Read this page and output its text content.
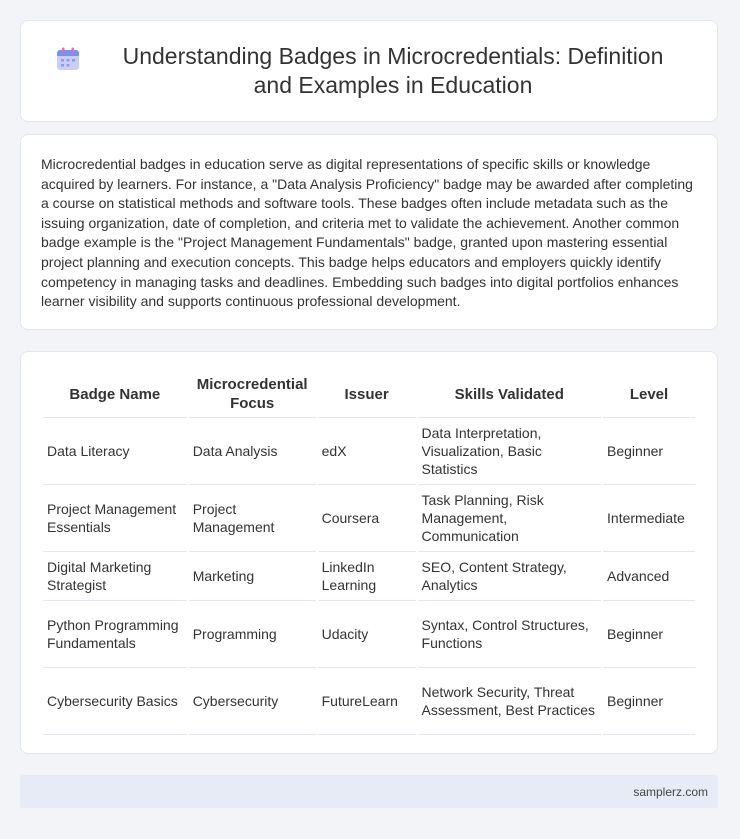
Understanding Badges in Microcredentials: Definition and Examples in Education

Microcredential badges in education serve as digital representations of specific skills or knowledge acquired by learners. For instance, a "Data Analysis Proficiency" badge may be awarded after completing a course on statistical methods and software tools. These badges often include metadata such as the issuing organization, date of completion, and criteria met to validate the achievement. Another common badge example is the "Project Management Fundamentals" badge, granted upon mastering essential project planning and execution concepts. This badge helps educators and employers quickly identify competency in managing tasks and deadlines. Embedding such badges into digital portfolios enhances learner visibility and supports continuous professional development.

Badge Name	Microcredential Focus	Issuer	Skills Validated	Level
Data Literacy	Data Analysis	edX	Data Interpretation, Visualization, Basic Statistics	Beginner
Project Management Essentials	Project Management	Coursera	Task Planning, Risk Management, Communication	Intermediate
Digital Marketing Strategist	Marketing	LinkedIn Learning	SEO, Content Strategy, Analytics	Advanced
Python Programming Fundamentals	Programming	Udacity	Syntax, Control Structures, Functions	Beginner
Cybersecurity Basics	Cybersecurity	FutureLearn	Network Security, Threat Assessment, Best Practices	Beginner
samplerz.com
